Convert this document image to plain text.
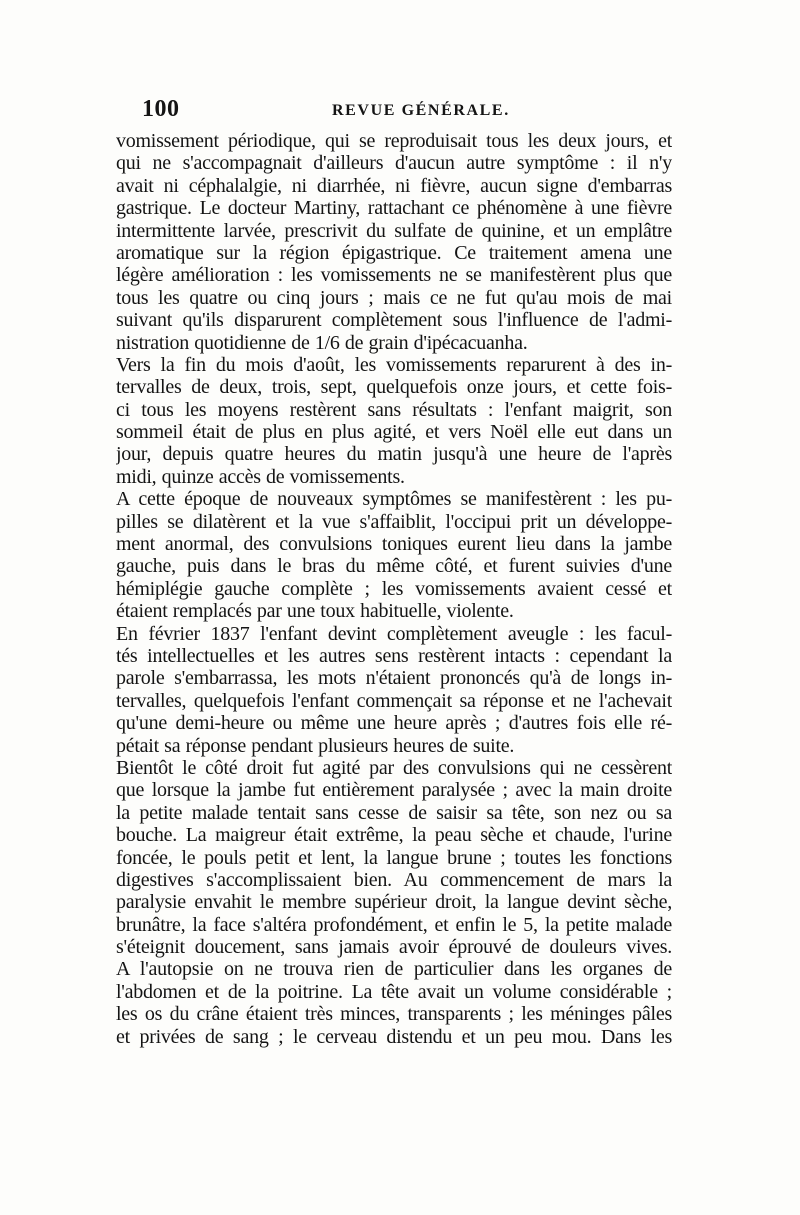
100	REVUE GÉNÉRALE.
vomissement périodique, qui se reproduisait tous les deux jours, et
qui ne s'accompagnait d'ailleurs d'aucun autre symptôme : il n'y
avait ni céphalalgie, ni diarrhée, ni fièvre, aucun signe d'embarras
gastrique. Le docteur Martiny, rattachant ce phénomène à une fièvre
intermittente larvée, prescrivit du sulfate de quinine, et un emplâtre
aromatique sur la région épigastrique. Ce traitement amena une
légère amélioration : les vomissements ne se manifestèrent plus que
tous les quatre ou cinq jours ; mais ce ne fut qu'au mois de mai
suivant qu'ils disparurent complètement sous l'influence de l'admi-
nistration quotidienne de 1/6 de grain d'ipécacuanha.
Vers la fin du mois d'août, les vomissements reparurent à des in-
tervalles de deux, trois, sept, quelquefois onze jours, et cette fois-
ci tous les moyens restèrent sans résultats : l'enfant maigrit, son
sommeil était de plus en plus agité, et vers Noël elle eut dans un
jour, depuis quatre heures du matin jusqu'à une heure de l'après
midi, quinze accès de vomissements.
A cette époque de nouveaux symptômes se manifestèrent : les pu-
pilles se dilatèrent et la vue s'affaiblit, l'occipui prit un développe-
ment anormal, des convulsions toniques eurent lieu dans la jambe
gauche, puis dans le bras du même côté, et furent suivies d'une
hémiplégie gauche complète ; les vomissements avaient cessé et
étaient remplacés par une toux habituelle, violente.
En février 1837 l'enfant devint complètement aveugle : les facul-
tés intellectuelles et les autres sens restèrent intacts : cependant la
parole s'embarrassa, les mots n'étaient prononcés qu'à de longs in-
tervalles, quelquefois l'enfant commençait sa réponse et ne l'achevait
qu'une demi-heure ou même une heure après ; d'autres fois elle ré-
pétait sa réponse pendant plusieurs heures de suite.
Bientôt le côté droit fut agité par des convulsions qui ne cessèrent
que lorsque la jambe fut entièrement paralysée ; avec la main droite
la petite malade tentait sans cesse de saisir sa tête, son nez ou sa
bouche. La maigreur était extrême, la peau sèche et chaude, l'urine
foncée, le pouls petit et lent, la langue brune ; toutes les fonctions
digestives s'accomplissaient bien. Au commencement de mars la
paralysie envahit le membre supérieur droit, la langue devint sèche,
brunâtre, la face s'altéra profondément, et enfin le 5, la petite malade
s'éteignit doucement, sans jamais avoir éprouvé de douleurs vives.
A l'autopsie on ne trouva rien de particulier dans les organes de
l'abdomen et de la poitrine. La tête avait un volume considérable ;
les os du crâne étaient très minces, transparents ; les méninges pâles
et privées de sang ; le cerveau distendu et un peu mou. Dans les
